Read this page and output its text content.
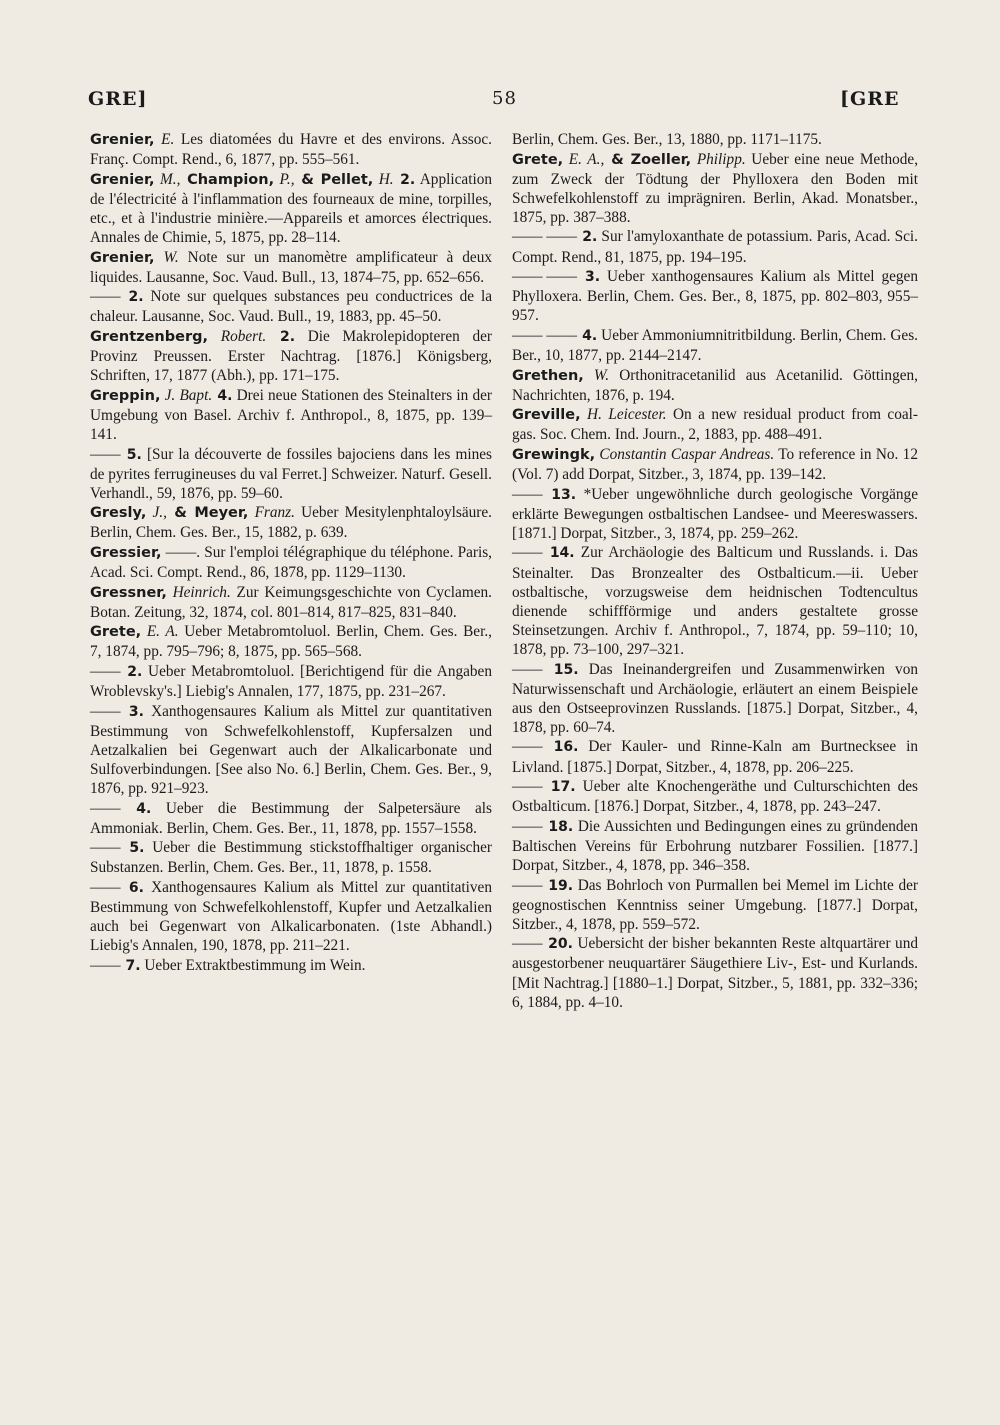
GRE]	58	[GRE
Grenier, E. Les diatomées du Havre et des environs. Assoc. Franç. Compt. Rend., 6, 1877, pp. 555–561.
Grenier, M., Champion, P., & Pellet, H. 2. Application de l'électricité à l'inflammation des fourneaux de mine, torpilles, etc., et à l'industrie minière.—Appareils et amorces électriques. Annales de Chimie, 5, 1875, pp. 28–114.
Grenier, W. Note sur un manomètre amplificateur à deux liquides. Lausanne, Soc. Vaud. Bull., 13, 1874–75, pp. 652–656.
—— 2. Note sur quelques substances peu conductrices de la chaleur. Lausanne, Soc. Vaud. Bull., 19, 1883, pp. 45–50.
Grentzenberg, Robert. 2. Die Makrolepidopteren der Provinz Preussen. Erster Nachtrag. [1876.] Königsberg, Schriften, 17, 1877 (Abh.), pp. 171–175.
Greppin, J. Bapt. 4. Drei neue Stationen des Steinalters in der Umgebung von Basel. Archiv f. Anthropol., 8, 1875, pp. 139–141.
—— 5. [Sur la découverte de fossiles bajociens dans les mines de pyrites ferrugineuses du val Ferret.] Schweizer. Naturf. Gesell. Verhandl., 59, 1876, pp. 59–60.
Gresly, J., & Meyer, Franz. Ueber Mesitylenphtaloylsäure. Berlin, Chem. Ges. Ber., 15, 1882, p. 639.
Gressier, ——. Sur l'emploi télégraphique du téléphone. Paris, Acad. Sci. Compt. Rend., 86, 1878, pp. 1129–1130.
Gressner, Heinrich. Zur Keimungsgeschichte von Cyclamen. Botan. Zeitung, 32, 1874, col. 801–814, 817–825, 831–840.
Grete, E. A. Ueber Metabromtoluol. Berlin, Chem. Ges. Ber., 7, 1874, pp. 795–796; 8, 1875, pp. 565–568.
—— 2. Ueber Metabromtoluol. [Berichtigend für die Angaben Wroblevsky's.] Liebig's Annalen, 177, 1875, pp. 231–267.
—— 3. Xanthogensaures Kalium als Mittel zur quantitativen Bestimmung von Schwefelkohlenstoff, Kupfersalzen und Aetzalkalien bei Gegenwart auch der Alkalicarbonate und Sulfoverbindungen. [See also No. 6.] Berlin, Chem. Ges. Ber., 9, 1876, pp. 921–923.
—— 4. Ueber die Bestimmung der Salpetersäure als Ammoniak. Berlin, Chem. Ges. Ber., 11, 1878, pp. 1557–1558.
—— 5. Ueber die Bestimmung stickstoffhaltiger organischer Substanzen. Berlin, Chem. Ges. Ber., 11, 1878, p. 1558.
—— 6. Xanthogensaures Kalium als Mittel zur quantitativen Bestimmung von Schwefelkohlenstoff, Kupfer und Aetzalkalien auch bei Gegenwart von Alkalicarbonaten. (1ste Abhandl.) Liebig's Annalen, 190, 1878, pp. 211–221.
—— 7. Ueber Extraktbestimmung im Wein.
Berlin, Chem. Ges. Ber., 13, 1880, pp. 1171–1175.
Grete, E. A., & Zoeller, Philipp. Ueber eine neue Methode, zum Zweck der Tödtung der Phylloxera den Boden mit Schwefelkohlenstoff zu imprägniren. Berlin, Akad. Monatsber., 1875, pp. 387–388.
—— —— 2. Sur l'amyloxanthate de potassium. Paris, Acad. Sci. Compt. Rend., 81, 1875, pp. 194–195.
—— —— 3. Ueber xanthogensaures Kalium als Mittel gegen Phylloxera. Berlin, Chem. Ges. Ber., 8, 1875, pp. 802–803, 955–957.
—— —— 4. Ueber Ammoniumnitritbildung. Berlin, Chem. Ges. Ber., 10, 1877, pp. 2144–2147.
Grethen, W. Orthonitracetanilid aus Acetanilid. Göttingen, Nachrichten, 1876, p. 194.
Greville, H. Leicester. On a new residual product from coal-gas. Soc. Chem. Ind. Journ., 2, 1883, pp. 488–491.
Grewingk, Constantin Caspar Andreas. To reference in No. 12 (Vol. 7) add Dorpat, Sitzber., 3, 1874, pp. 139–142.
—— 13. *Ueber ungewöhnliche durch geologische Vorgänge erklärte Bewegungen ostbaltischen Landsee- und Meereswassers. [1871.] Dorpat, Sitzber., 3, 1874, pp. 259–262.
—— 14. Zur Archäologie des Balticum und Russlands. i. Das Steinalter. Das Bronzealter des Ostbalticum.—ii. Ueber ostbaltische, vorzugsweise dem heidnischen Todtencultus dienende schiffförmige und anders gestaltete grosse Steinsetzungen. Archiv f. Anthropol., 7, 1874, pp. 59–110; 10, 1878, pp. 73–100, 297–321.
—— 15. Das Ineinandergreifen und Zusammenwirken von Naturwissenschaft und Archäologie, erläutert an einem Beispiele aus den Ostseeprovinzen Russlands. [1875.] Dorpat, Sitzber., 4, 1878, pp. 60–74.
—— 16. Der Kauler- und Rinne-Kaln am Burtnecksee in Livland. [1875.] Dorpat, Sitzber., 4, 1878, pp. 206–225.
—— 17. Ueber alte Knochengeräthe und Culturschichten des Ostbalticum. [1876.] Dorpat, Sitzber., 4, 1878, pp. 243–247.
—— 18. Die Aussichten und Bedingungen eines zu gründenden Baltischen Vereins für Erbohrung nutzbarer Fossilien. [1877.] Dorpat, Sitzber., 4, 1878, pp. 346–358.
—— 19. Das Bohrloch von Purmallen bei Memel im Lichte der geognostischen Kenntniss seiner Umgebung. [1877.] Dorpat, Sitzber., 4, 1878, pp. 559–572.
—— 20. Uebersicht der bisher bekannten Reste altquartärer und ausgestorbener neuquartärer Säugethiere Liv-, Est- und Kurlands. [Mit Nachtrag.] [1880–1.] Dorpat, Sitzber., 5, 1881, pp. 332–336; 6, 1884, pp. 4–10.
